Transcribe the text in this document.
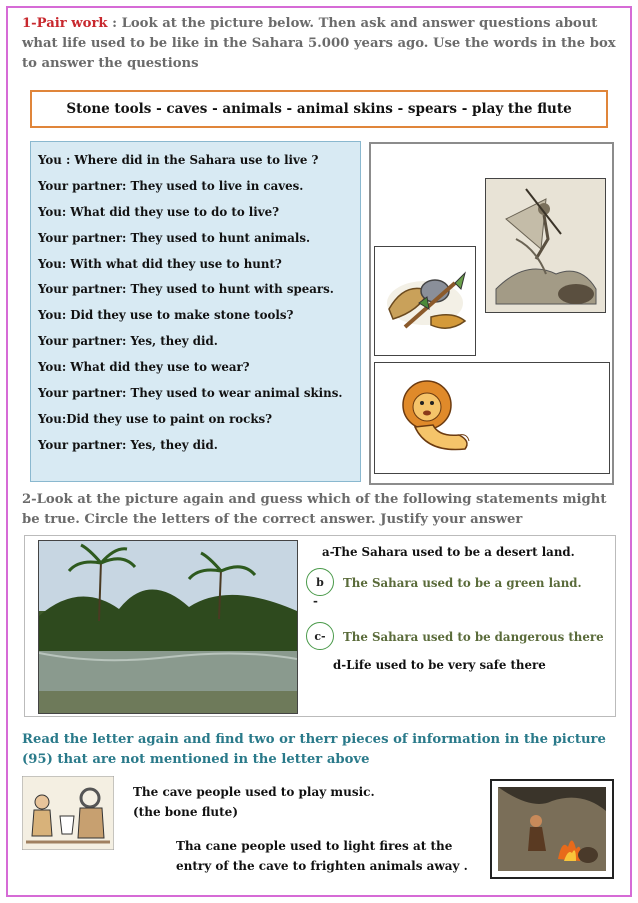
1-Pair work : Look at the picture below. Then ask and answer questions about what life used to be like in the Sahara 5.000 years ago. Use the words in the box to answer the questions
Stone tools - caves - animals - animal skins - spears - play the flute
You : Where did in the Sahara use to live ?
Your partner: They used to live in caves.
You: What did they use to do to live?
Your partner: They used to hunt animals.
You: With what did they use to hunt?
Your partner: They used to hunt with spears.
You: Did they use to make stone tools?
Your partner: Yes, they did.
You: What did they use to wear?
Your partner: They used to wear animal skins.
You:Did they use to paint on rocks?
Your partner: Yes, they did.
2-Look at the picture again and guess which of the following statements might be true. Circle the letters of the correct answer. Justify your answer
a-The Sahara used to be a desert land.
b	The Sahara used to be a green land.
-
c-	The Sahara used to be dangerous there
d-Life used to be very safe there
Read the letter again and find two or therr pieces of information in the picture (95) that are not mentioned in the letter above
The cave people used to play music.
(the bone flute)
Tha cane people used to light fires at the
entry of the cave to frighten animals away .
